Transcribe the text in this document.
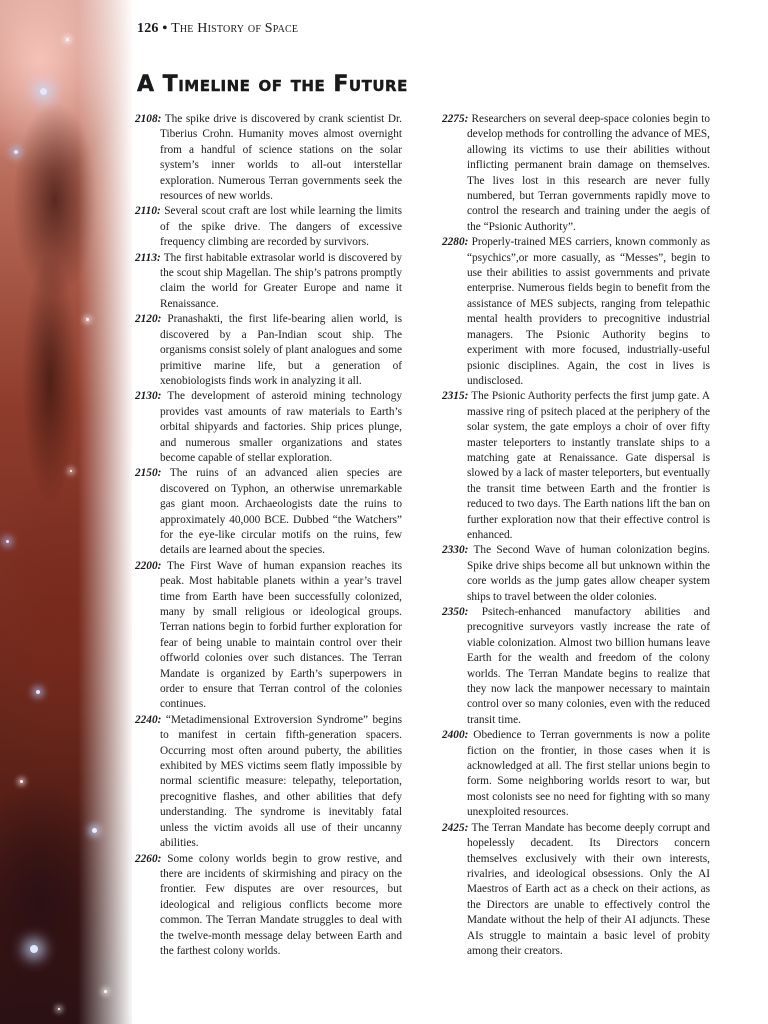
126 • The History of Space
A Timeline of the Future

2108: The spike drive is discovered by crank scientist Dr. Tiberius Crohn. Humanity moves almost overnight from a handful of science stations on the solar system’s inner worlds to all-out interstellar exploration. Numerous Terran governments seek the resources of new worlds.

2110: Several scout craft are lost while learning the limits of the spike drive. The dangers of excessive frequency climbing are recorded by survivors.

2113: The first habitable extrasolar world is discovered by the scout ship Magellan. The ship’s patrons promptly claim the world for Greater Europe and name it Renaissance.

2120: Pranashakti, the first life-bearing alien world, is discovered by a Pan-Indian scout ship. The organisms consist solely of plant analogues and some primitive marine life, but a generation of xenobiologists finds work in analyzing it all.

2130: The development of asteroid mining technology provides vast amounts of raw materials to Earth’s orbital shipyards and factories. Ship prices plunge, and numerous smaller organizations and states become capable of stellar exploration.

2150: The ruins of an advanced alien species are discovered on Typhon, an otherwise unremarkable gas giant moon. Archaeologists date the ruins to approximately 40,000 BCE. Dubbed “the Watchers” for the eye-like circular motifs on the ruins, few details are learned about the species.

2200: The First Wave of human expansion reaches its peak. Most habitable planets within a year’s travel time from Earth have been successfully colonized, many by small religious or ideological groups. Terran nations begin to forbid further exploration for fear of being unable to maintain control over their offworld colonies over such distances. The Terran Mandate is organized by Earth’s superpowers in order to ensure that Terran control of the colonies continues.

2240: “Metadimensional Extroversion Syndrome” begins to manifest in certain fifth-generation spacers. Occurring most often around puberty, the abilities exhibited by MES victims seem flatly impossible by normal scientific measure: telepathy, teleportation, precognitive flashes, and other abilities that defy understanding. The syndrome is inevitably fatal unless the victim avoids all use of their uncanny abilities.

2260: Some colony worlds begin to grow restive, and there are incidents of skirmishing and piracy on the frontier. Few disputes are over resources, but ideological and religious conflicts become more common. The Terran Mandate struggles to deal with the twelve-month message delay between Earth and the farthest colony worlds.

2275: Researchers on several deep-space colonies begin to develop methods for controlling the advance of MES, allowing its victims to use their abilities without inflicting permanent brain damage on themselves. The lives lost in this research are never fully numbered, but Terran governments rapidly move to control the research and training under the aegis of the “Psionic Authority”.

2280: Properly-trained MES carriers, known commonly as “psychics”,or more casually, as “Messes”, begin to use their abilities to assist governments and private enterprise. Numerous fields begin to benefit from the assistance of MES subjects, ranging from telepathic mental health providers to precognitive industrial managers. The Psionic Authority begins to experiment with more focused, industrially-useful psionic disciplines. Again, the cost in lives is undisclosed.

2315: The Psionic Authority perfects the first jump gate. A massive ring of psitech placed at the periphery of the solar system, the gate employs a choir of over fifty master teleporters to instantly translate ships to a matching gate at Renaissance. Gate dispersal is slowed by a lack of master teleporters, but eventually the transit time between Earth and the frontier is reduced to two days. The Earth nations lift the ban on further exploration now that their effective control is enhanced.

2330: The Second Wave of human colonization begins. Spike drive ships become all but unknown within the core worlds as the jump gates allow cheaper system ships to travel between the older colonies.

2350: Psitech-enhanced manufactory abilities and precognitive surveyors vastly increase the rate of viable colonization. Almost two billion humans leave Earth for the wealth and freedom of the colony worlds. The Terran Mandate begins to realize that they now lack the manpower necessary to maintain control over so many colonies, even with the reduced transit time.

2400: Obedience to Terran governments is now a polite fiction on the frontier, in those cases when it is acknowledged at all. The first stellar unions begin to form. Some neighboring worlds resort to war, but most colonists see no need for fighting with so many unexploited resources.

2425: The Terran Mandate has become deeply corrupt and hopelessly decadent. Its Directors concern themselves exclusively with their own interests, rivalries, and ideological obsessions. Only the AI Maestros of Earth act as a check on their actions, as the Directors are unable to effectively control the Mandate without the help of their AI adjuncts. These AIs struggle to maintain a basic level of probity among their creators.
